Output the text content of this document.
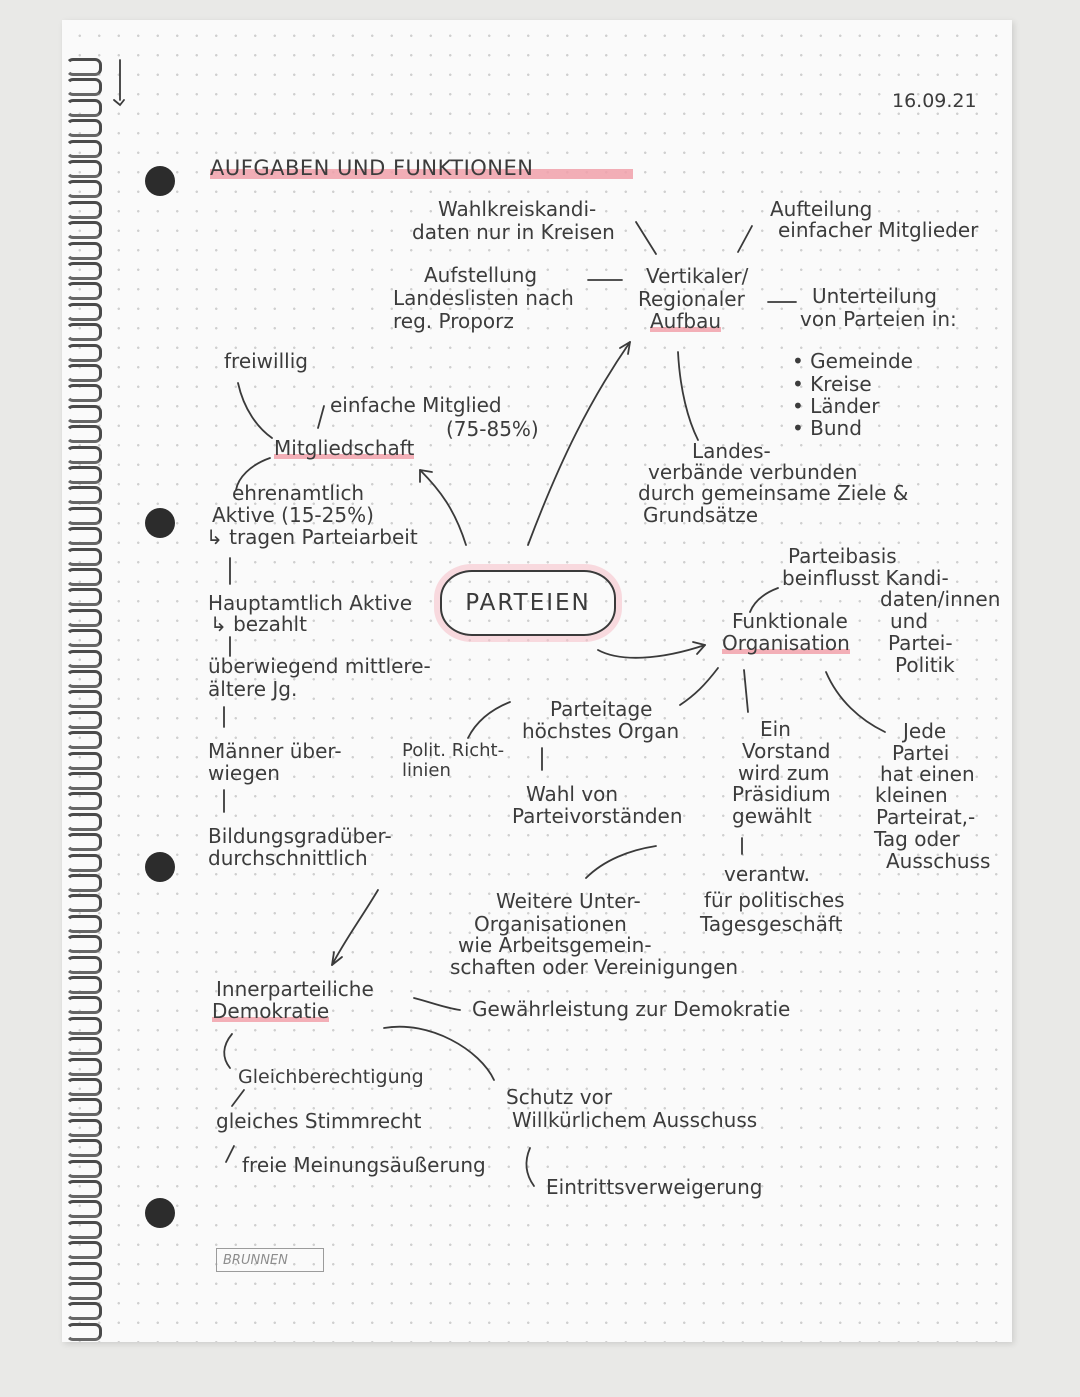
16.09.21
AUFGABEN UND FUNKTIONEN
PARTEIEN
Wahlkreiskandi-
daten nur in Kreisen
Aufstellung
Landeslisten nach
reg. Proporz
Aufteilung
einfacher Mitglieder
Vertikaler/
Regionaler
Aufbau
Unterteilung
von Parteien in:
• Gemeinde
• Kreise
• Länder
• Bund
Landes-
verbände verbunden
durch gemeinsame Ziele &
Grundsätze
freiwillig
einfache Mitglied
(75-85%)
Mitgliedschaft
ehrenamtlich
Aktive (15-25%)
↳ tragen Parteiarbeit
Hauptamtlich Aktive
↳ bezahlt
überwiegend mittlere-
ältere Jg.
Männer über-
wiegen
Bildungsgradüber-
durchschnittlich
Parteibasis
beinflusst Kandi-
daten/innen
und
Partei-
Politik
Funktionale
Organisation
Parteitage
höchstes Organ
Polit. Richt-
linien
Wahl von
Parteivorständen
Ein
Vorstand
wird zum
Präsidium
gewählt
verantw.
für politisches
Tagesgeschäft
Jede
Partei
hat einen
kleinen
Parteirat,-
Tag oder
Ausschuss
Weitere Unter-
Organisationen
wie Arbeitsgemein-
schaften oder Vereinigungen
Innerparteiliche
Demokratie	Gewährleistung zur Demokratie
Gleichberechtigung
gleiches Stimmrecht
freie Meinungsäußerung
Schutz vor
Willkürlichem Ausschuss
Eintrittsverweigerung
BRUNNEN
